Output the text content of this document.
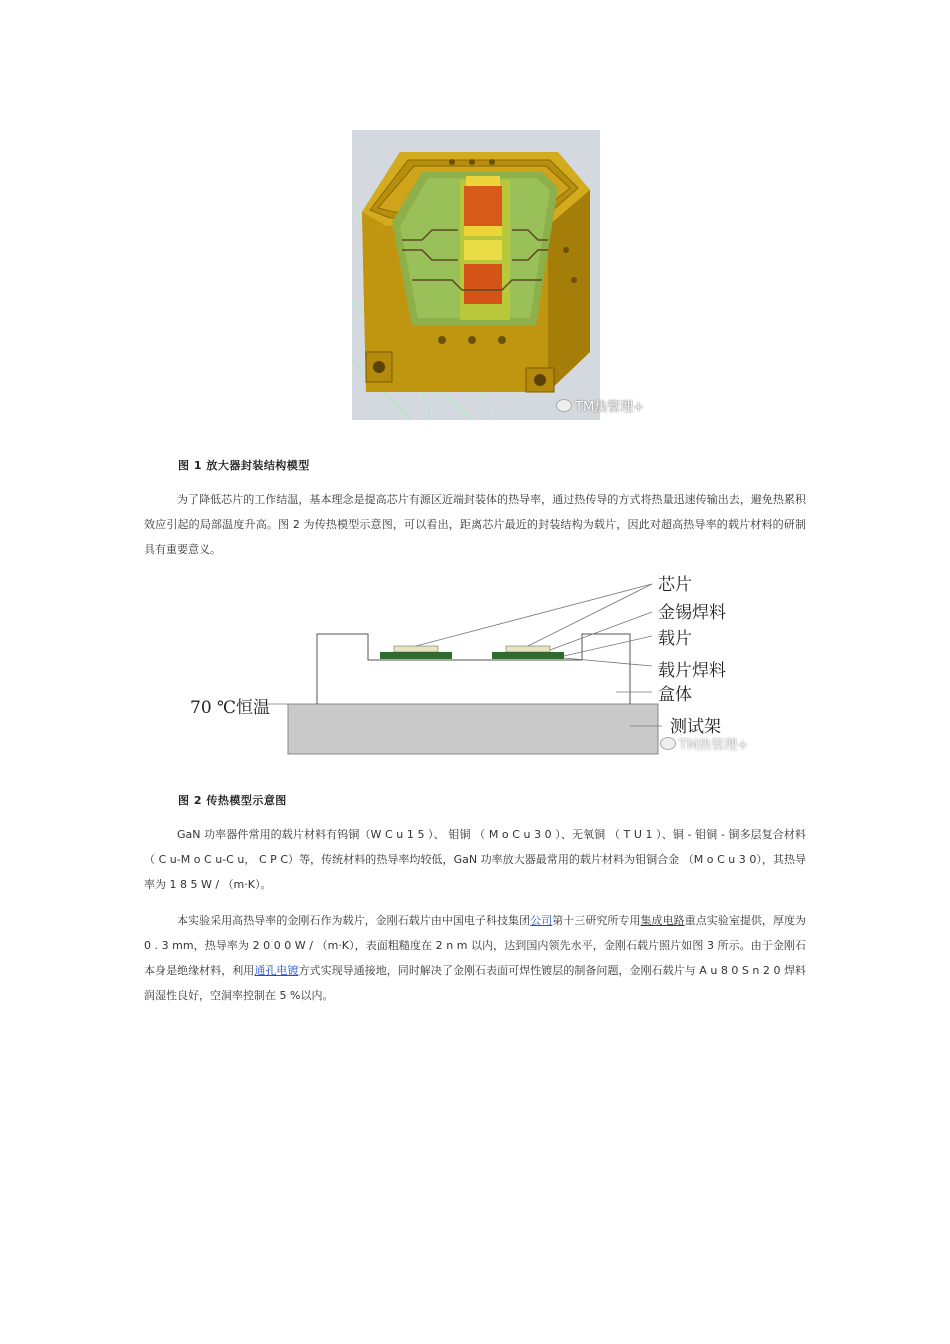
TM热管理+
图 1 放大器封装结构模型
为了降低芯片的工作结温，基本理念是提高芯片有源区近端封装体的热导率，通过热传导的方式将热量迅速传输出去，避免热累积效应引起的局部温度升高。图 2 为传热模型示意图，可以看出，距离芯片最近的封装结构为载片，因此对超高热导率的载片材料的研制具有重要意义。
芯片
金锡焊料
载片
载片焊料
盒体
测试架
70 ℃恒温
TM热管理+
图 2 传热模型示意图
GaN 功率器件常用的载片材料有钨铜（W C u 1 5 ）、 钼铜 （ M o C u 3 0 ）、无氧铜 （ T U 1 ）、铜 - 钼铜 - 铜多层复合材料（ C u-M o C u-C u， C P C）等，传统材料的热导率均较低，GaN 功率放大器最常用的载片材料为钼铜合金 （M o C u 3 0），其热导率为 1 8 5 W / （m·K）。
本实验采用高热导率的金刚石作为载片，金刚石载片由中国电子科技集团公司第十三研究所专用集成电路重点实验室提供，厚度为 0 . 3 mm，热导率为 2 0 0 0 W / （m·K），表面粗糙度在 2 n m 以内，达到国内领先水平，金刚石载片照片如图 3 所示。由于金刚石本身是绝缘材料，利用通孔电镀方式实现导通接地，同时解决了金刚石表面可焊性镀层的制备问题，金刚石载片与 A u 8 0 S n 2 0 焊料润湿性良好，空洞率控制在 5 %以内。
